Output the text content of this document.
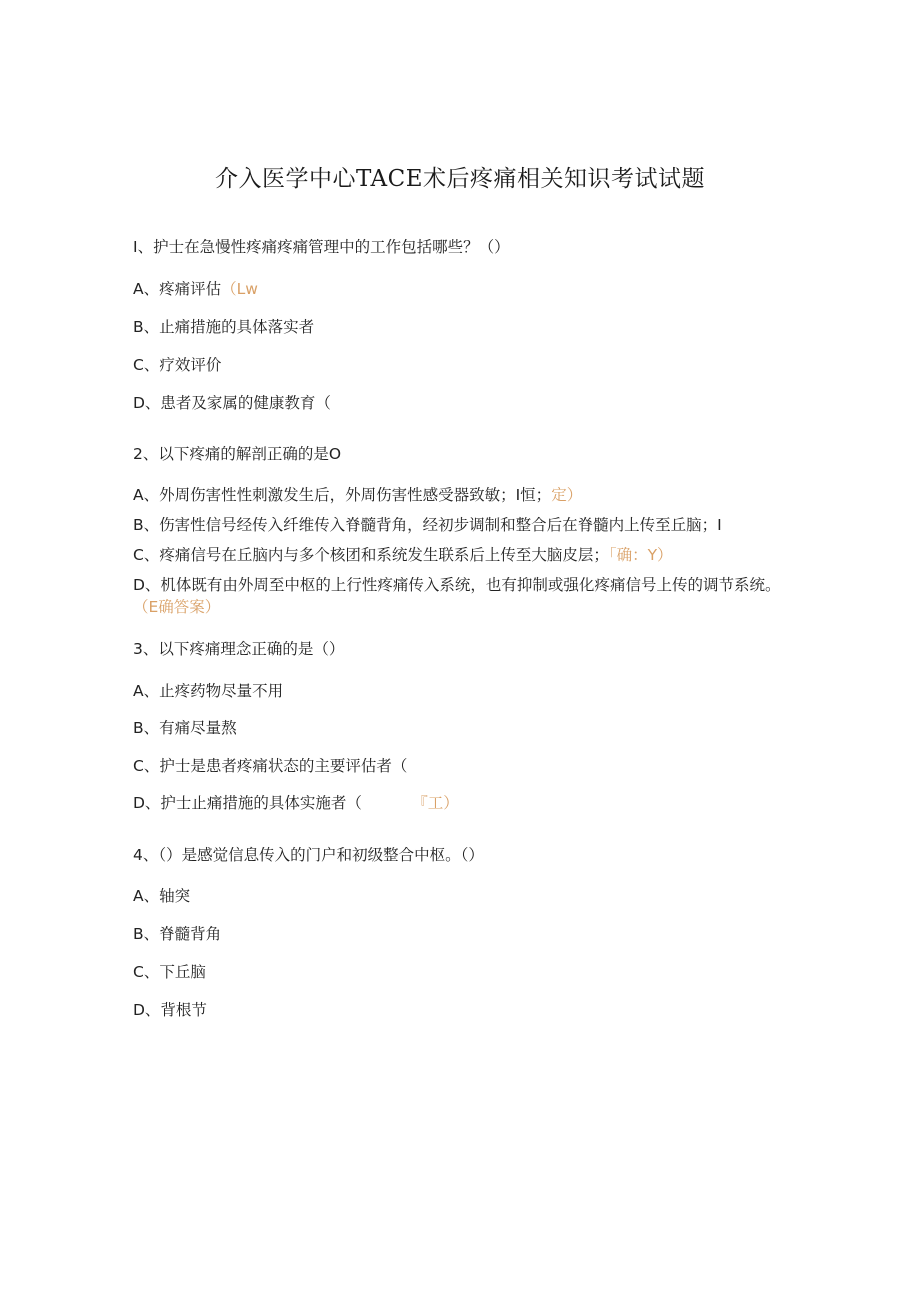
介入医学中心TACE术后疼痛相关知识考试试题
I、护士在急慢性疼痛疼痛管理中的工作包括哪些？（）
A、疼痛评估（Lw
B、止痛措施的具体落实者
C、疗效评价
D、患者及家属的健康教育（
2、以下疼痛的解剖正确的是O
A、外周伤害性性刺激发生后，外周伤害性感受器致敏；I恒；定）
B、伤害性信号经传入纤维传入脊髓背角，经初步调制和整合后在脊髓内上传至丘脑；I
C、疼痛信号在丘脑内与多个核团和系统发生联系后上传至大脑皮层；「确：Y）
D、机体既有由外周至中枢的上行性疼痛传入系统，也有抑制或强化疼痛信号上传的调节系统。（E确答案）
3、以下疼痛理念正确的是（）
A、止疼药物尽量不用
B、有痛尽量熬
C、护士是患者疼痛状态的主要评估者（
D、护士止痛措施的具体实施者（	『工）
4、（）是感觉信息传入的门户和初级整合中枢。（）
A、轴突
B、脊髓背角
C、下丘脑
D、背根节
